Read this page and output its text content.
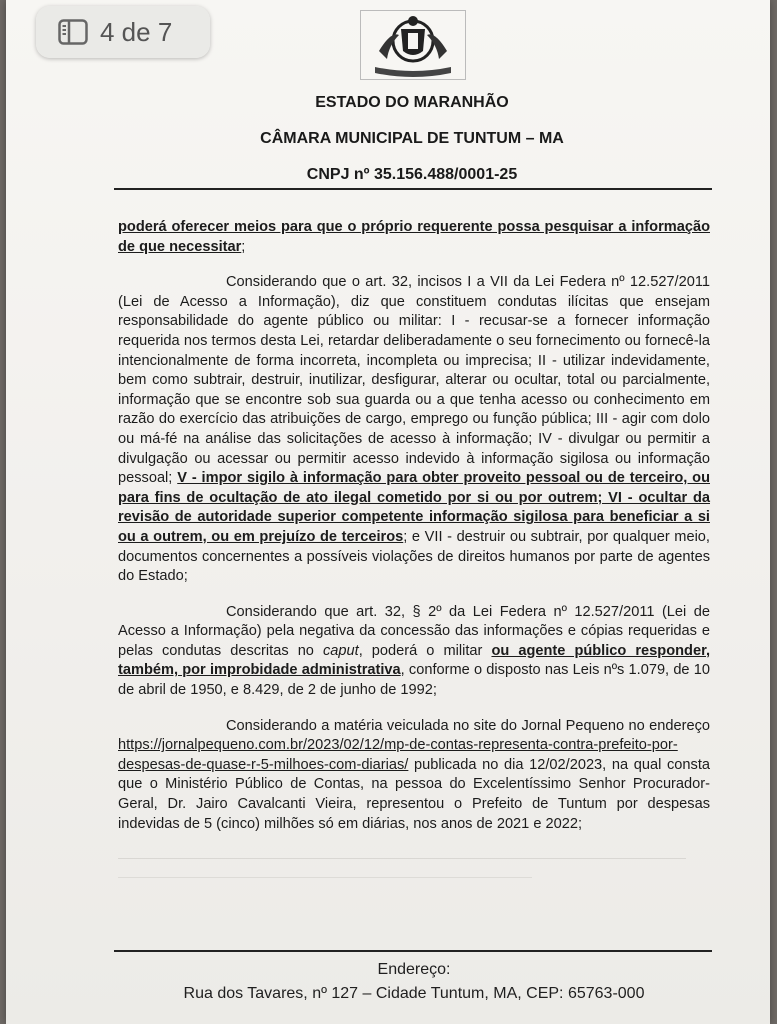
ESTADO DO MARANHÃO
CÂMARA MUNICIPAL DE TUNTUM – MA
CNPJ nº 35.156.488/0001-25

poderá oferecer meios para que o próprio requerente possa pesquisar a informação de que necessitar;

Considerando que o art. 32, incisos I a VII da Lei Federa nº 12.527/2011 (Lei de Acesso a Informação), diz que constituem condutas ilícitas que ensejam responsabilidade do agente público ou militar: I - recusar-se a fornecer informação requerida nos termos desta Lei, retardar deliberadamente o seu fornecimento ou fornecê-la intencionalmente de forma incorreta, incompleta ou imprecisa; II - utilizar indevidamente, bem como subtrair, destruir, inutilizar, desfigurar, alterar ou ocultar, total ou parcialmente, informação que se encontre sob sua guarda ou a que tenha acesso ou conhecimento em razão do exercício das atribuições de cargo, emprego ou função pública; III - agir com dolo ou má-fé na análise das solicitações de acesso à informação; IV - divulgar ou permitir a divulgação ou acessar ou permitir acesso indevido à informação sigilosa ou informação pessoal; V - impor sigilo à informação para obter proveito pessoal ou de terceiro, ou para fins de ocultação de ato ilegal cometido por si ou por outrem; VI - ocultar da revisão de autoridade superior competente informação sigilosa para beneficiar a si ou a outrem, ou em prejuízo de terceiros; e VII - destruir ou subtrair, por qualquer meio, documentos concernentes a possíveis violações de direitos humanos por parte de agentes do Estado;

Considerando que art. 32, § 2º da Lei Federa nº 12.527/2011 (Lei de Acesso a Informação) pela negativa da concessão das informações e cópias requeridas e pelas condutas descritas no caput, poderá o militar ou agente público responder, também, por improbidade administrativa, conforme o disposto nas Leis nºs 1.079, de 10 de abril de 1950, e 8.429, de 2 de junho de 1992;

Considerando a matéria veiculada no site do Jornal Pequeno no endereço https://jornalpequeno.com.br/2023/02/12/mp-de-contas-representa-contra-prefeito-por-despesas-de-quase-r-5-milhoes-com-diarias/ publicada no dia 12/02/2023, na qual consta que o Ministério Público de Contas, na pessoa do Excelentíssimo Senhor Procurador-Geral, Dr. Jairo Cavalcanti Vieira, representou o Prefeito de Tuntum por despesas indevidas de 5 (cinco) milhões só em diárias, nos anos de 2021 e 2022;

Endereço:
Rua dos Tavares, nº 127 – Cidade Tuntum, MA, CEP: 65763-000
4 de 7
